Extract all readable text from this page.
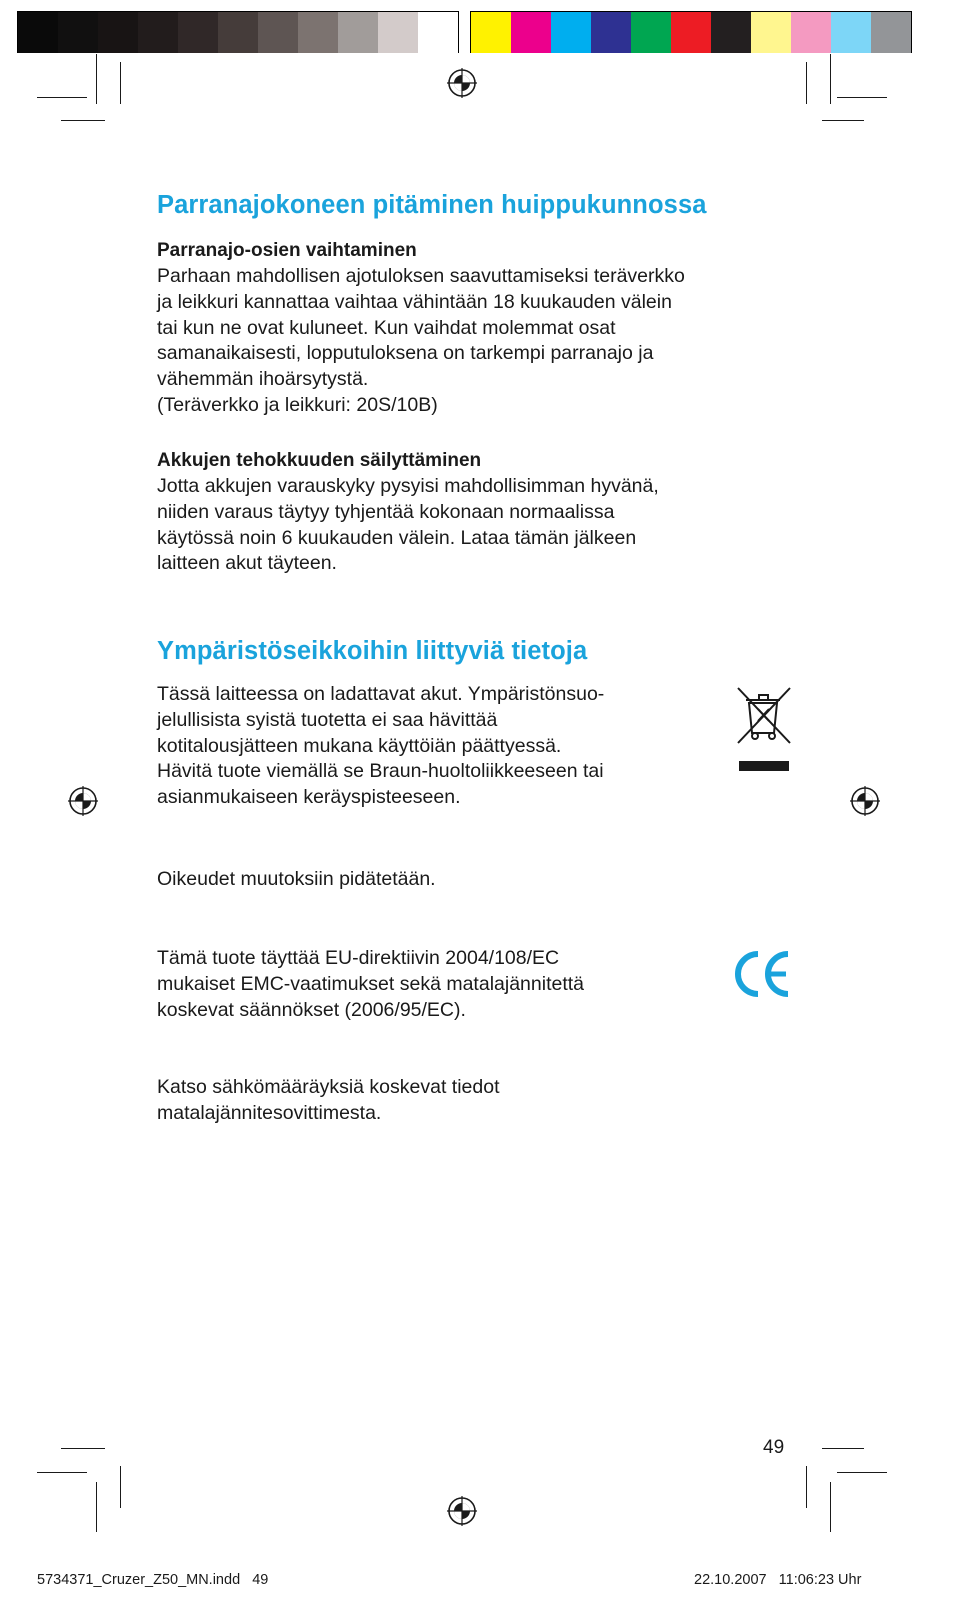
Parranajokoneen pitäminen huippukunnossa

Parranajo-osien vaihtaminen

Parhaan mahdollisen ajotuloksen saavuttamiseksi teräverkko
ja leikkuri kannattaa vaihtaa vähintään 18 kuukauden välein
tai kun ne ovat kuluneet. Kun vaihdat molemmat osat
samanaikaisesti, lopputuloksena on tarkempi parranajo ja
vähemmän ihoärsytystä.
(Teräverkko ja leikkuri: 20S/10B)

Akkujen tehokkuuden säilyttäminen

Jotta akkujen varauskyky pysyisi mahdollisimman hyvänä,
niiden varaus täytyy tyhjentää kokonaan normaalissa
käytössä noin 6 kuukauden välein. Lataa tämän jälkeen
laitteen akut täyteen.

Ympäristöseikkoihin liittyviä tietoja

Tässä laitteessa on ladattavat akut. Ympäristönsuo-
jelullisista syistä tuotetta ei saa hävittää
kotitalousjätteen mukana käyttöiän päättyessä.
Hävitä tuote viemällä se Braun-huoltoliikkeeseen tai
asianmukaiseen keräyspisteeseen.

Oikeudet muutoksiin pidätetään.

Tämä tuote täyttää EU-direktiivin 2004/108/EC
mukaiset EMC-vaatimukset sekä matalajännitettä
koskevat säännökset (2006/95/EC).

Katso sähkömääräyksiä koskevat tiedot
matalajännitesovittimesta.

49
5734371_Cruzer_Z50_MN.indd   49	22.10.2007   11:06:23 Uhr
